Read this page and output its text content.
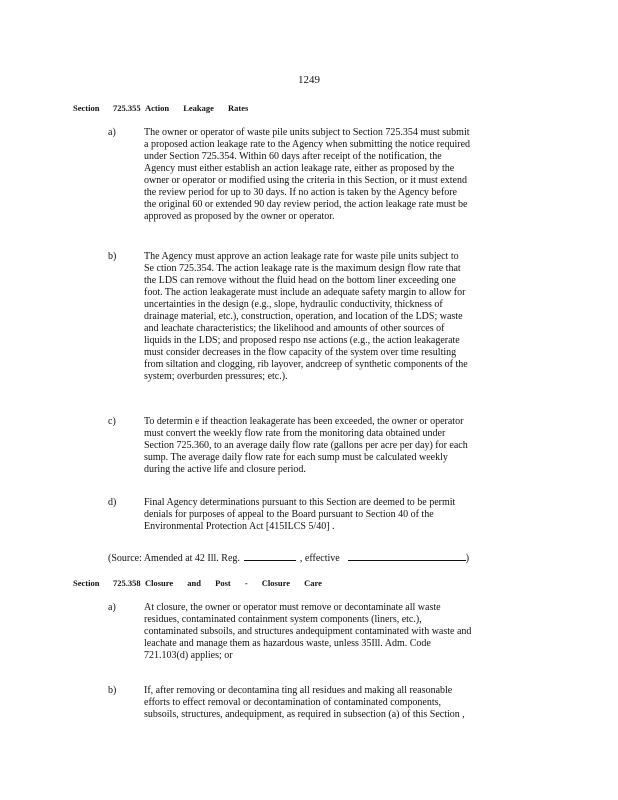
1249
Section 725.355 Action Leakage Rates
a)	The owner or operator of waste pile units subject to Section 725.354 must submit
a proposed action leakage rate to the Agency when submitting the notice required
under Section 725.354. Within 60 days after receipt of the notification, the
Agency must either establish an action leakage rate, either as proposed by the
owner or operator or modified using the criteria in this Section, or it must extend
the review period for up to 30 days. If no action is taken by the Agency before
the original 60 or extended 90 day review period, the action leakage rate must be
approved as proposed by the owner or operator.
b)	The Agency must approve an action leakage rate for waste pile units subject to
Se ction 725.354. The action leakage rate is the maximum design flow rate that
the LDS can remove without the fluid head on the bottom liner exceeding one
foot. The action leakagerate must include an adequate safety margin to allow for
uncertainties in the design (e.g., slope, hydraulic conductivity, thickness of
drainage material, etc.), construction, operation, and location of the LDS; waste
and leachate characteristics; the likelihood and amounts of other sources of
liquids in the LDS; and proposed respo nse actions (e.g., the action leakagerate
must consider decreases in the flow capacity of the system over time resulting
from siltation and clogging, rib layover, andcreep of synthetic components of the
system; overburden pressures; etc.).
c)	To determin e if theaction leakagerate has been exceeded, the owner or operator
must convert the weekly flow rate from the monitoring data obtained under
Section 725.360, to an average daily flow rate (gallons per acre per day) for each
sump. The average daily flow rate for each sump must be calculated weekly
during the active life and closure period.
d)	Final Agency determinations pursuant to this Section are deemed to be permit
denials for purposes of appeal to the Board pursuant to Section 40 of the
Environmental Protection Act [415ILCS 5/40] .
(Source: Amended at 42 Ill. Reg.	, effective	)
Section 725.358 Closure and Post - Closure Care
a)	At closure, the owner or operator must remove or decontaminate all waste
residues, contaminated containment system components (liners, etc.),
contaminated subsoils, and structures andequipment contaminated with waste and
leachate and manage them as hazardous waste, unless 35Ill. Adm. Code
721.103(d) applies; or
b)	If, after removing or decontamina ting all residues and making all reasonable
efforts to effect removal or decontamination of contaminated components,
subsoils, structures, andequipment, as required in subsection (a) of this Section ,
